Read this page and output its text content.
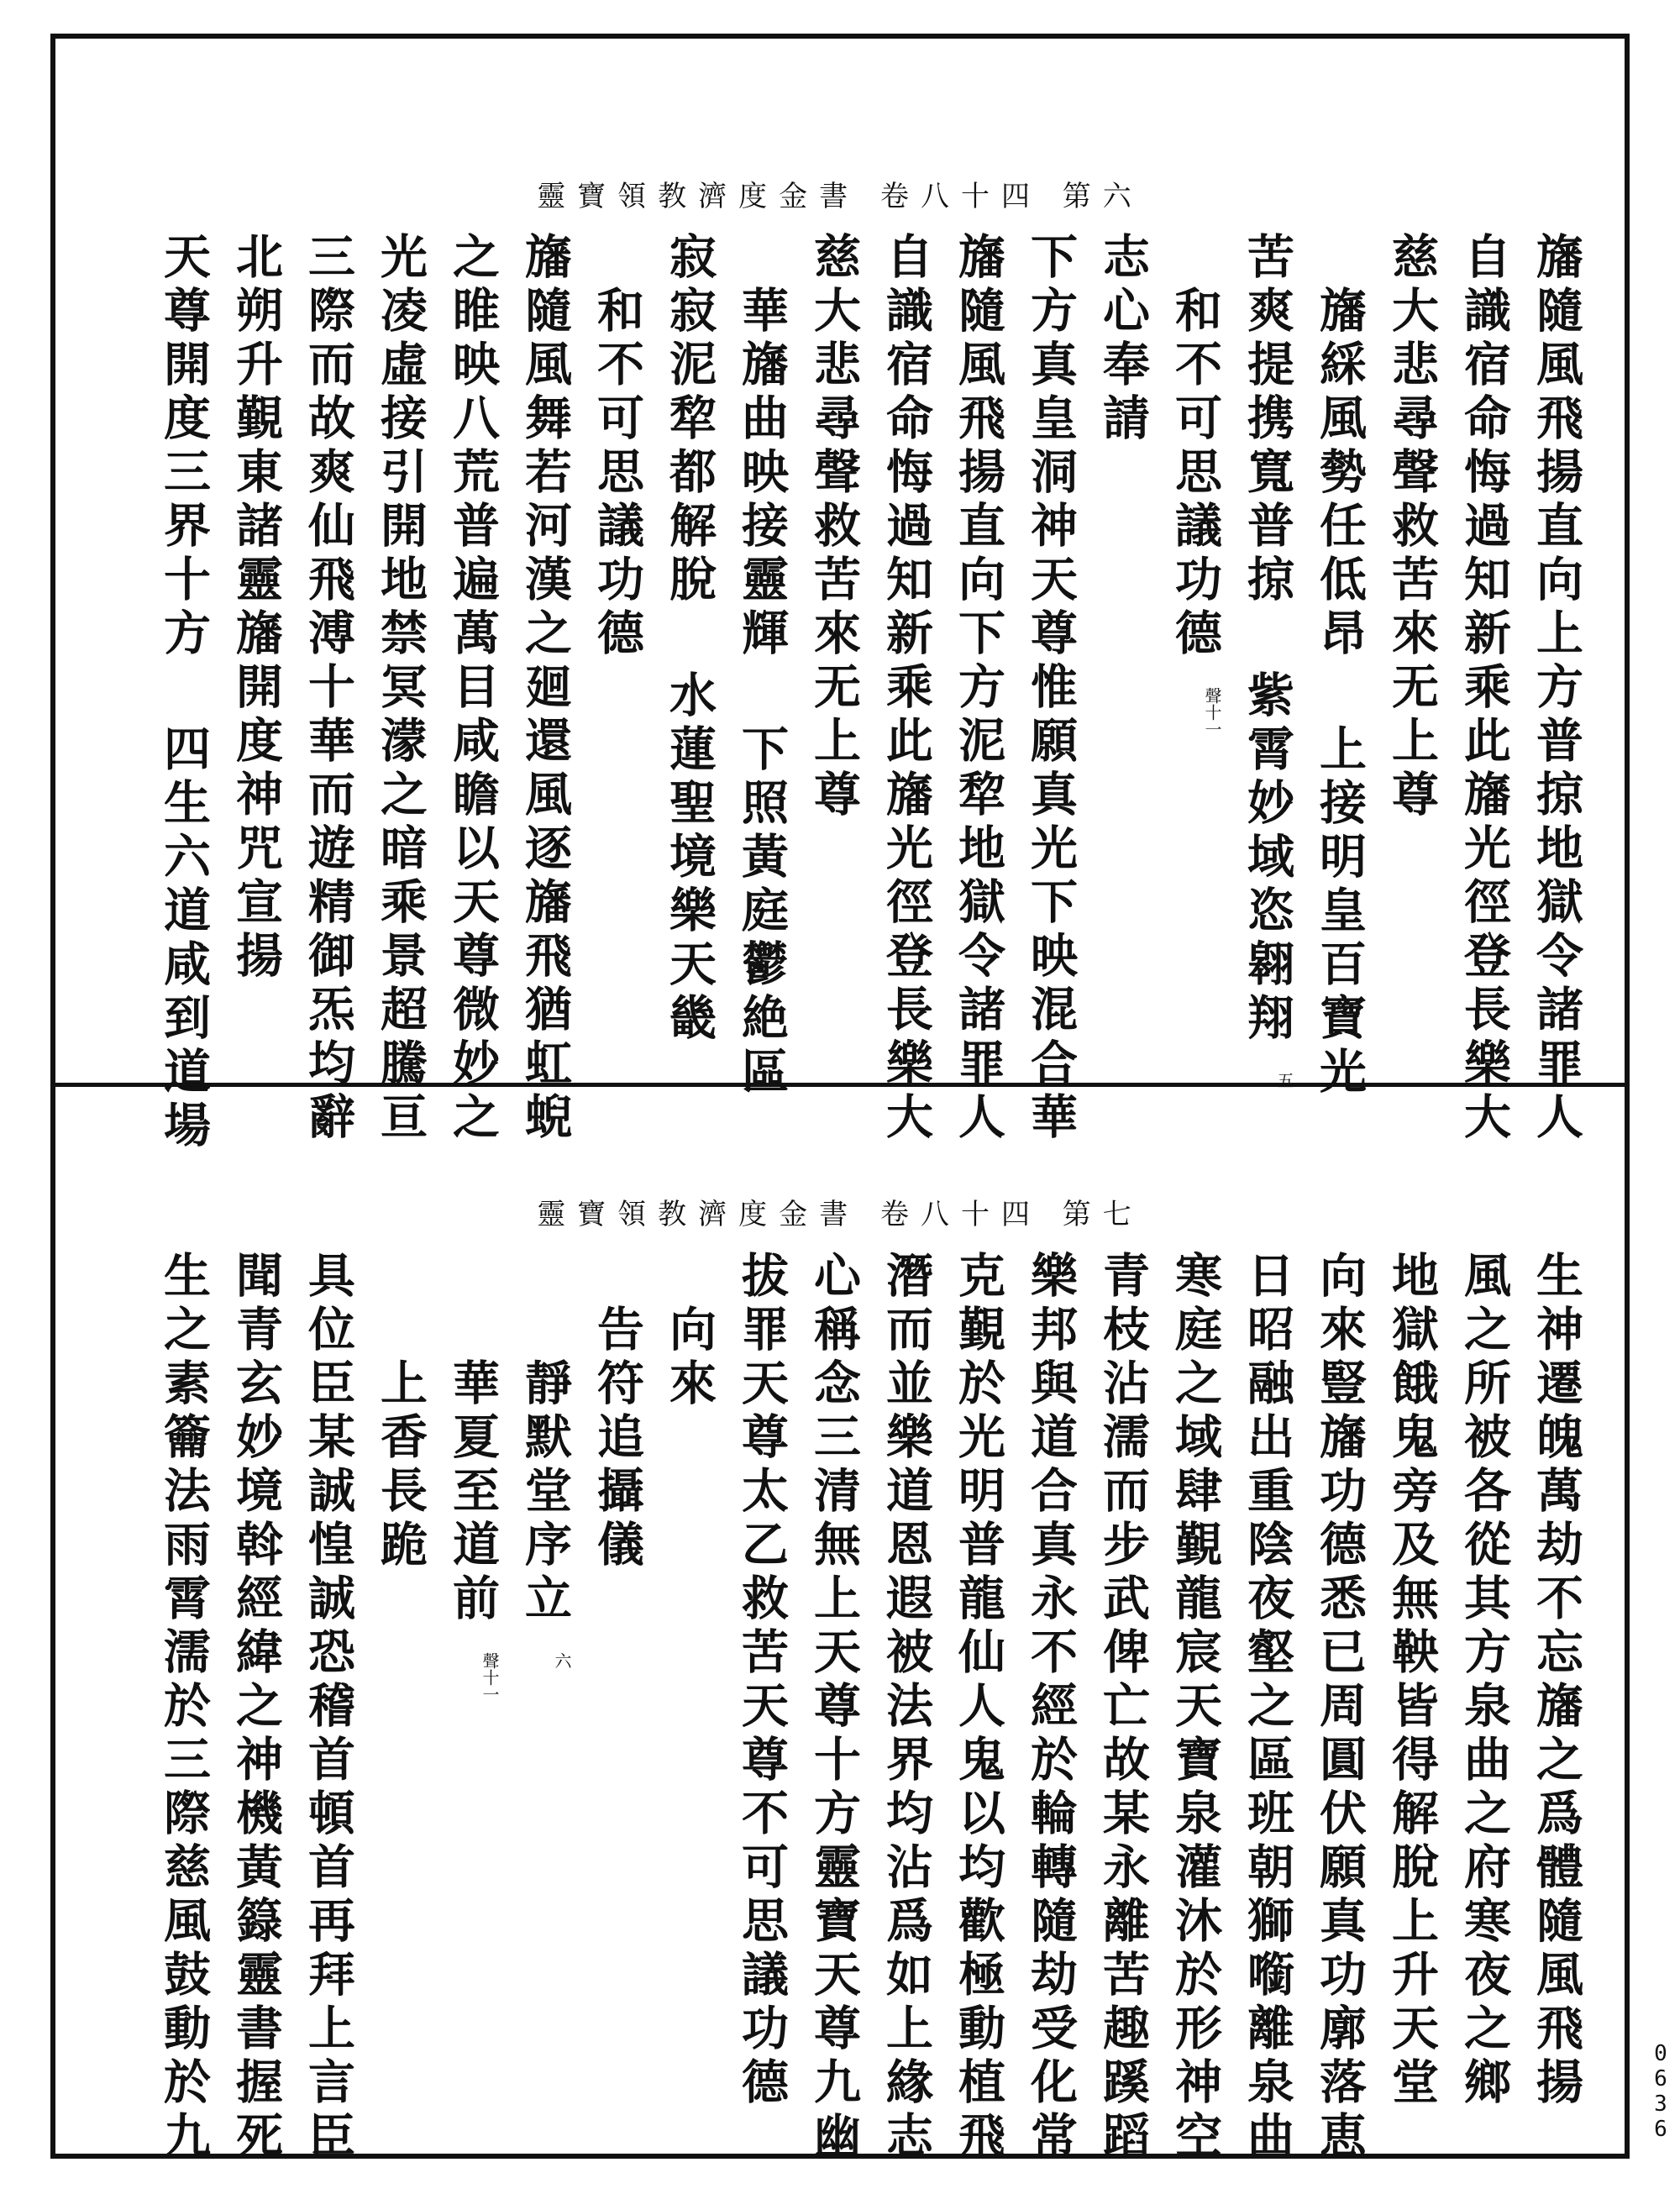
靈寶領教濟度金書 卷八十四 第六
旛隨風飛揚直向上方普掠地獄令諸罪人
自識宿命悔過知新乘此旛光徑登長樂大
慈大悲尋聲救苦來无上尊
旛綵風勢任低昂 上接明皇百寶光
苦爽提携寬普掠 紫霄妙域恣翱翔
五
和不可思議功德
聲十一
志心奉請
下方真皇洞神天尊惟願真光下映混合華
旛隨風飛揚直向下方泥犂地獄令諸罪人
自識宿命悔過知新乘此旛光徑登長樂大
慈大悲尋聲救苦來无上尊
華旛曲映接靈輝 下照黃庭鬱絶區
寂寂泥犂都解脫 水蓮聖境樂天畿
和不可思議功德
旛隨風舞若河漢之廻還風逐旛飛猶虹蜺
之睢映八荒普遍萬目咸瞻以天尊微妙之
光凌虛接引開地禁冥濛之暗乘景超騰亘
三際而故爽仙飛溥十華而遊精御炁均辭
北朔升覲東諸靈旛開度神咒宣揚
天尊開度三界十方 四生六道咸到道場
靈寶領教濟度金書 卷八十四 第七
生神遷魄萬劫不忘旛之爲體隨風飛揚
風之所被各從其方泉曲之府寒夜之鄉
地獄餓鬼旁及無鞅皆得解脫上升天堂
向來豎旛功德悉已周圓伏願真功廓落恵
日昭融出重陰夜壑之區班朝獅㘅離泉曲
寒庭之域肆覲龍宸天寶泉灌沐於形神空
青枝沾濡而步武俾亡故某永離苦趣蹊蹈
樂邦與道合真永不經於輪轉隨劫受化常
克覲於光明普龍仙人鬼以均歡極動植飛
潛而並樂道恩遐被法界均沾爲如上緣志
心稱念三清無上天尊十方靈寶天尊九幽
拔罪天尊太乙救苦天尊不可思議功德
向來
告符追攝儀
靜默堂序立
六
華夏至道前
聲十一
上香長跪
具位臣某誠惶誠恐稽首頓首再拜上言臣
聞青玄妙境斡經緯之神機黃籙靈書握死
生之素籥法雨霄濡於三際慈風鼓動於九	0636
